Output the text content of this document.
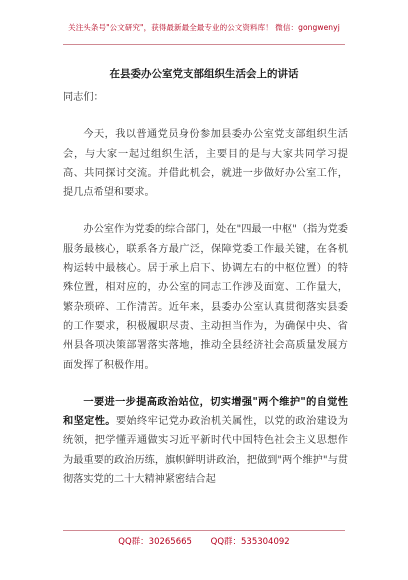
关注头条号"公文研究"，获得最新最全最专业的公文资料库！ 微信：gongwenyj
在县委办公室党支部组织生活会上的讲话

同志们：

今天，我以普通党员身份参加县委办公室党支部组织生活会，与大家一起过组织生活，主要目的是与大家共同学习提高、共同探讨交流。并借此机会，就进一步做好办公室工作，提几点希望和要求。

办公室作为党委的综合部门，处在"四最一中枢"（指为党委服务最核心，联系各方最广泛，保障党委工作最关键，在各机构运转中最核心。居于承上启下、协调左右的中枢位置）的特殊位置，相对应的，办公室的同志工作涉及面宽、工作量大，繁杂琐碎、工作清苦。近年来，县委办公室认真贯彻落实县委的工作要求，积极履职尽责、主动担当作为，为确保中央、省州县各项决策部署落实落地，推动全县经济社会高质量发展方面发挥了积极作用。

一要进一步提高政治站位，切实增强"两个维护"的自觉性和坚定性。要始终牢记党办政治机关属性，以党的政治建设为统领，把学懂弄通做实习近平新时代中国特色社会主义思想作为最重要的政治历练，旗帜鲜明讲政治，把做到"两个维护"与贯彻落实党的二十大精神紧密结合起

QQ群：30265665 QQ群：535304092
